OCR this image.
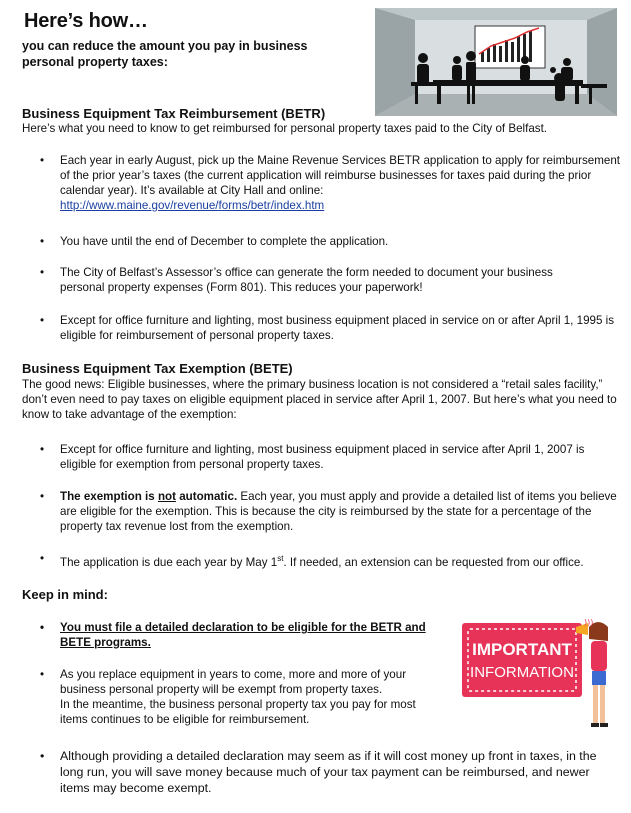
Here’s how…
you can reduce the amount you pay in business personal property taxes:
Business Equipment Tax Reimbursement (BETR)
Here’s what you need to know to get reimbursed for personal property taxes paid to the City of Belfast.
• Each year in early August, pick up the Maine Revenue Services BETR application to apply for reimbursement of the prior year’s taxes (the current application will reimburse businesses for taxes paid during the prior calendar year). It’s available at City Hall and online:
http://www.maine.gov/revenue/forms/betr/index.htm
• You have until the end of December to complete the application.
• The City of Belfast’s Assessor’s office can generate the form needed to document your business personal property expenses (Form 801). This reduces your paperwork!
• Except for office furniture and lighting, most business equipment placed in service on or after April 1, 1995 is eligible for reimbursement of personal property taxes.
Business Equipment Tax Exemption (BETE)
The good news: Eligible businesses, where the primary business location is not considered a “retail sales facility,” don’t even need to pay taxes on eligible equipment placed in service after April 1, 2007. But here’s what you need to know to take advantage of the exemption:
• Except for office furniture and lighting, most business equipment placed in service after April 1, 2007 is eligible for exemption from personal property taxes.
• The exemption is not automatic. Each year, you must apply and provide a detailed list of items you believe are eligible for the exemption. This is because the city is reimbursed by the state for a percentage of the property tax revenue lost from the exemption.
• The application is due each year by May 1st. If needed, an extension can be requested from our office.
Keep in mind:
• You must file a detailed declaration to be eligible for the BETR and BETE programs.
• As you replace equipment in years to come, more and more of your business personal property will be exempt from property taxes.
In the meantime, the business personal property tax you pay for most items continues to be eligible for reimbursement.
• Although providing a detailed declaration may seem as if it will cost money up front in taxes, in the long run, you will save money because much of your tax payment can be reimbursed, and newer items may become exempt.
IMPORTANT
INFORMATION
)))
